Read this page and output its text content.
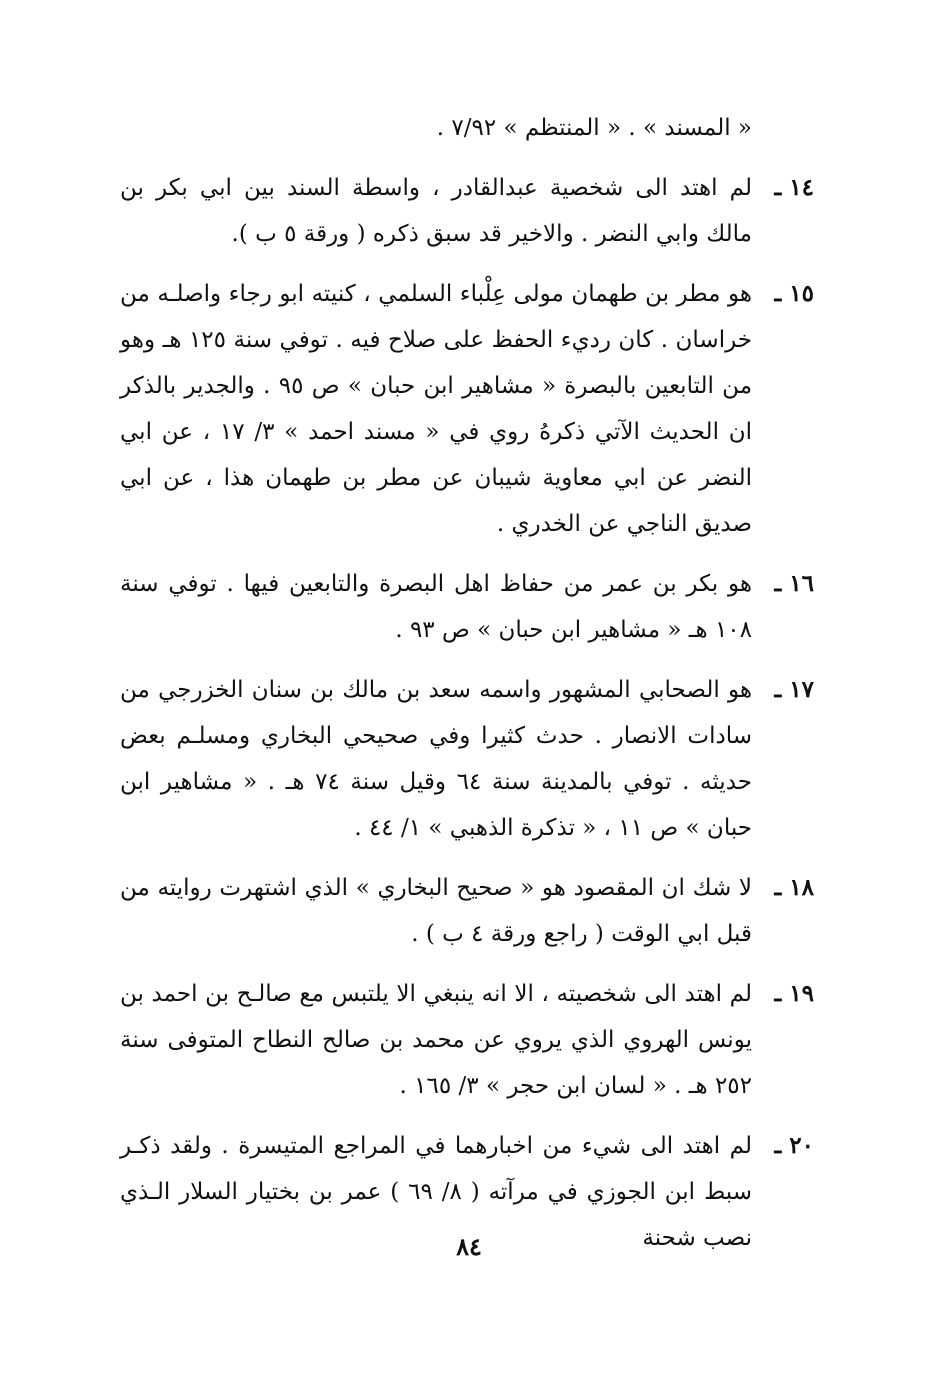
« المسند » . « المنتظم » ٧/٩٢ .
١٤ ـ
لم اهتد الى شخصية عبدالقادر ، واسطة السند بين ابي بكر بن مالك وابي النضر . والاخير قد سبق ذكره ( ورقة ٥ ب ).
١٥ ـ
هو مطر بن طهمان مولى عِلْباء السلمي ، كنيته ابو رجاء واصلـه من خراسان . كان رديء الحفظ على صلاح فيه . توفي سنة ١٢٥ هـ وهو من التابعين بالبصرة « مشاهير ابن حبان » ص ٩٥ . والجدير بالذكر ان الحديث الآتي ذكرهُ روي في « مسند احمد » ٣/ ١٧ ، عن ابي النضر عن ابي معاوية شيبان عن مطر بن طهمان هذا ، عن ابي صديق الناجي عن الخدري .
١٦ ـ
هو بكر بن عمر من حفاظ اهل البصرة والتابعين فيها . توفي سنة ١٠٨ هـ « مشاهير ابن حبان » ص ٩٣ .
١٧ ـ
هو الصحابي المشهور واسمه سعد بن مالك بن سنان الخزرجي من سادات الانصار . حدث كثيرا وفي صحيحي البخاري ومسلـم بعض حديثه . توفي بالمدينة سنة ٦٤ وقيل سنة ٧٤ هـ . « مشاهير ابن حبان » ص ١١ ، « تذكرة الذهبي » ١/ ٤٤ .
١٨ ـ
لا شك ان المقصود هو « صحيح البخاري » الذي اشتهرت روايته من قبل ابي الوقت ( راجع ورقة ٤ ب ) .
١٩ ـ
لم اهتد الى شخصيته ، الا انه ينبغي الا يلتبس مع صالـح بن احمد بن يونس الهروي الذي يروي عن محمد بن صالح النطاح المتوفى سنة ٢٥٢ هـ . « لسان ابن حجر » ٣/ ١٦٥ .
٢٠ ـ
لم اهتد الى شيء من اخبارهما في المراجع المتيسرة . ولقد ذكـر سبط ابن الجوزي في مرآته ( ٨/ ٦٩ ) عمر بن بختيار السلار الـذي نصب شحنة
٨٤
